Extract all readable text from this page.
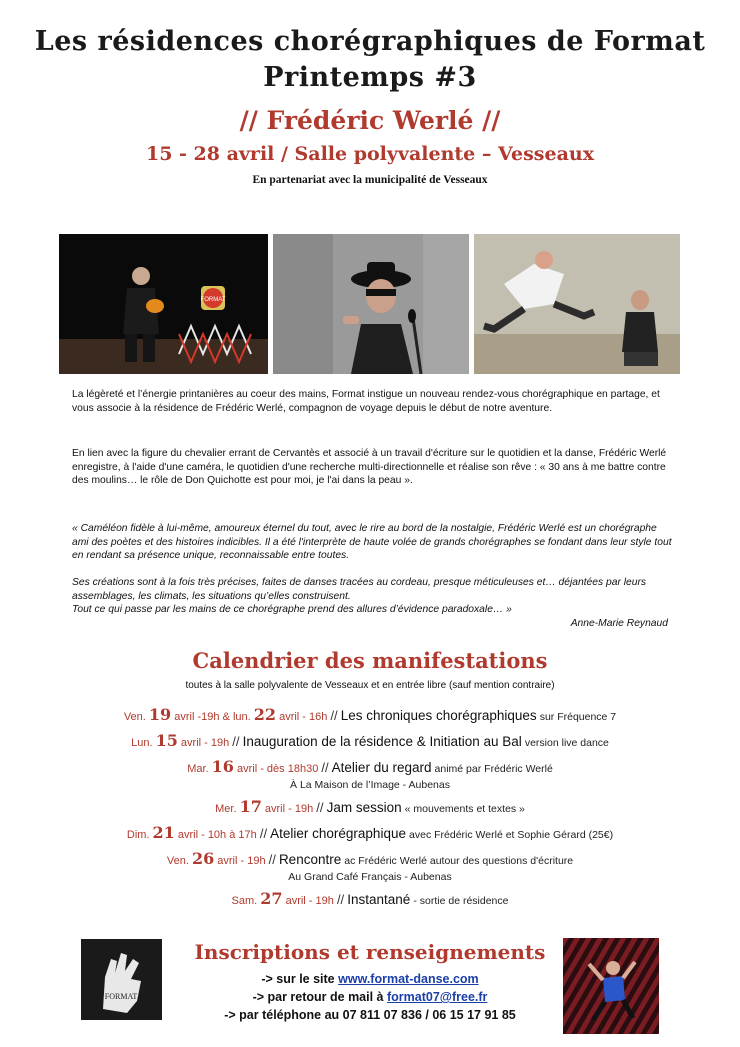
Les résidences chorégraphiques de Format
Printemps #3
// Frédéric Werlé //
15 - 28 avril / Salle polyvalente – Vesseaux
En partenariat avec la municipalité de Vesseaux
FORMAT
La légèreté et l’énergie printanières au coeur des mains, Format instigue un nouveau rendez-vous chorégraphique en partage, et vous associe à la résidence de Frédéric Werlé, compagnon de voyage depuis le début de notre aventure.
En lien avec la figure du chevalier errant de Cervantès et associé à un travail d'écriture sur le quotidien et la danse, Frédéric Werlé enregistre, à l'aide d'une caméra, le quotidien d'une recherche multi-directionnelle et réalise son rêve : « 30 ans à me battre contre des moulins… le rôle de Don Quichotte est pour moi, je l'ai dans la peau ».
« Caméléon fidèle à lui-même, amoureux éternel du tout, avec le rire au bord de la nostalgie, Frédéric Werlé est un chorégraphe ami des poètes et des histoires indicibles. Il a été l'interprète de haute volée de grands chorégraphes se fondant dans leur style tout en rendant sa présence unique, reconnaissable entre toutes.
Ses créations sont à la fois très précises, faites de danses tracées au cordeau, presque méticuleuses et… déjantées par leurs assemblages, les climats, les situations qu’elles construisent.
Tout ce qui passe par les mains de ce chorégraphe prend des allures d’évidence paradoxale… »
Anne-Marie Reynaud
Calendrier des manifestations
toutes à la salle polyvalente de Vesseaux et en entrée libre (sauf mention contraire)
Ven. 19 avril -19h & lun. 22 avril - 16h // Les chroniques chorégraphiques sur Fréquence 7
Lun. 15 avril - 19h // Inauguration de la résidence & Initiation au Bal version live dance
Mar. 16 avril - dès 18h30 // Atelier du regard animé par Frédéric Werlé
À La Maison de l’Image - Aubenas
Mer. 17 avril - 19h // Jam session « mouvements et textes »
Dim. 21 avril - 10h à 17h // Atelier chorégraphique avec Frédéric Werlé et Sophie Gérard (25€)
Ven. 26 avril - 19h // Rencontre ac Frédéric Werlé autour des questions d'écriture
Au Grand Café Français - Aubenas
Sam. 27 avril - 19h // Instantané - sortie de résidence
FORMAT
Inscriptions et renseignements
-> sur le site www.format-danse.com
-> par retour de mail à format07@free.fr
-> par téléphone au 07 811 07 836 / 06 15 17 91 85
